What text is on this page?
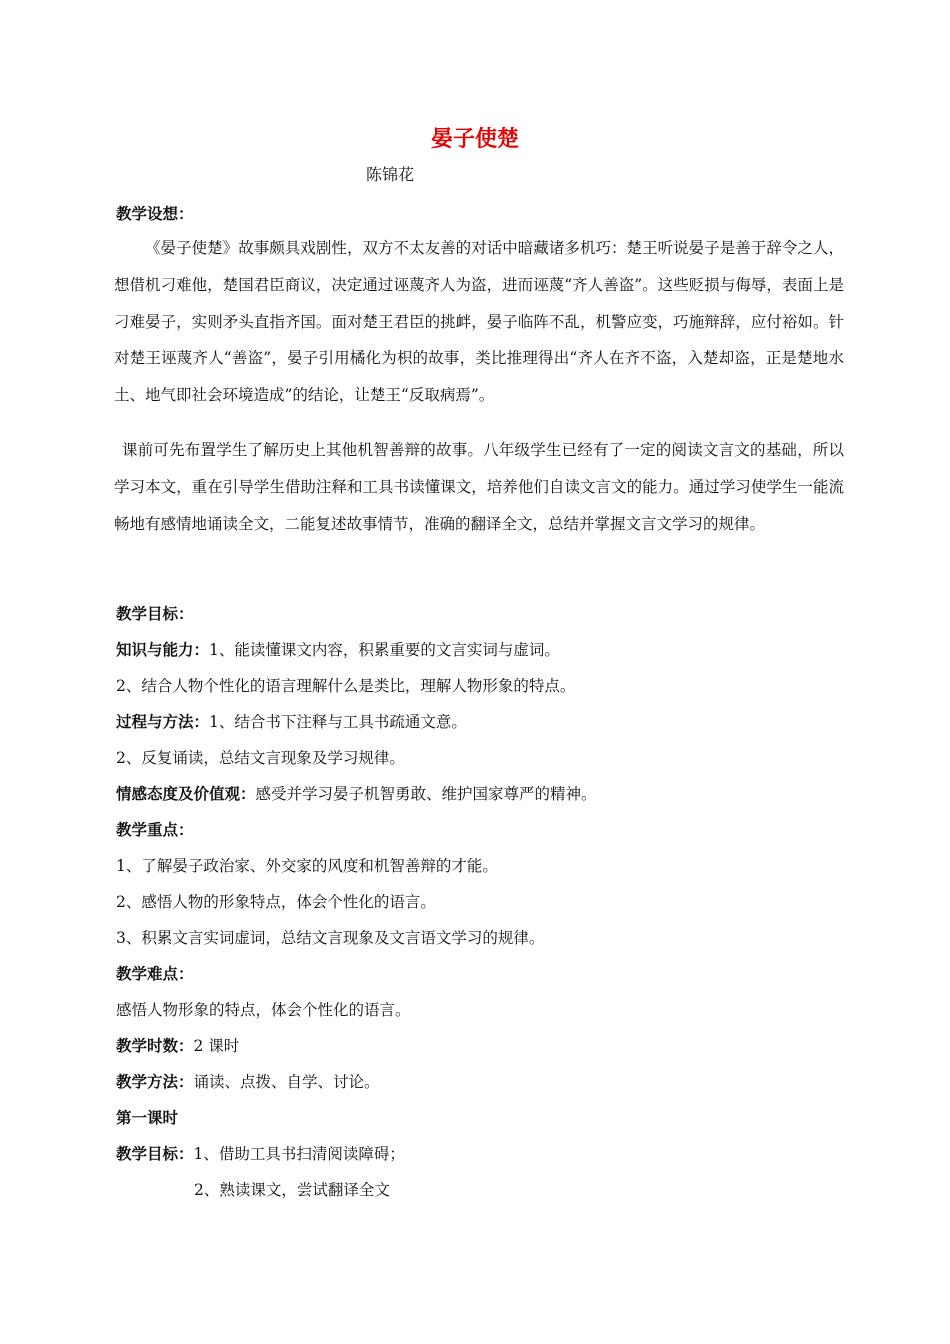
晏子使楚
陈锦花
教学设想：
《晏子使楚》故事颇具戏剧性，双方不太友善的对话中暗藏诸多机巧：楚王听说晏子是善于辞令之人，想借机刁难他，楚国君臣商议，决定通过诬蔑齐人为盗，进而诬蔑“齐人善盗”。这些贬损与侮辱，表面上是刁难晏子，实则矛头直指齐国。面对楚王君臣的挑衅，晏子临阵不乱，机警应变，巧施辩辞，应付裕如。针对楚王诬蔑齐人“善盗”，晏子引用橘化为枳的故事，类比推理得出“齐人在齐不盗，入楚却盗，正是楚地水土、地气即社会环境造成”的结论，让楚王“反取病焉”。
课前可先布置学生了解历史上其他机智善辩的故事。八年级学生已经有了一定的阅读文言文的基础，所以学习本文，重在引导学生借助注释和工具书读懂课文，培养他们自读文言文的能力。通过学习使学生一能流畅地有感情地诵读全文，二能复述故事情节，准确的翻译全文，总结并掌握文言文学习的规律。
教学目标：
知识与能力：1、能读懂课文内容，积累重要的文言实词与虚词。
2、结合人物个性化的语言理解什么是类比，理解人物形象的特点。
过程与方法：1、结合书下注释与工具书疏通文意。
2、反复诵读，总结文言现象及学习规律。
情感态度及价值观：感受并学习晏子机智勇敢、维护国家尊严的精神。
教学重点：
1、了解晏子政治家、外交家的风度和机智善辩的才能。
2、感悟人物的形象特点，体会个性化的语言。
3、积累文言实词虚词，总结文言现象及文言语文学习的规律。
教学难点：
感悟人物形象的特点，体会个性化的语言。
教学时数：2 课时
教学方法：诵读、点拨、自学、讨论。
第一课时
教学目标：1、借助工具书扫清阅读障碍；
2、熟读课文，尝试翻译全文
